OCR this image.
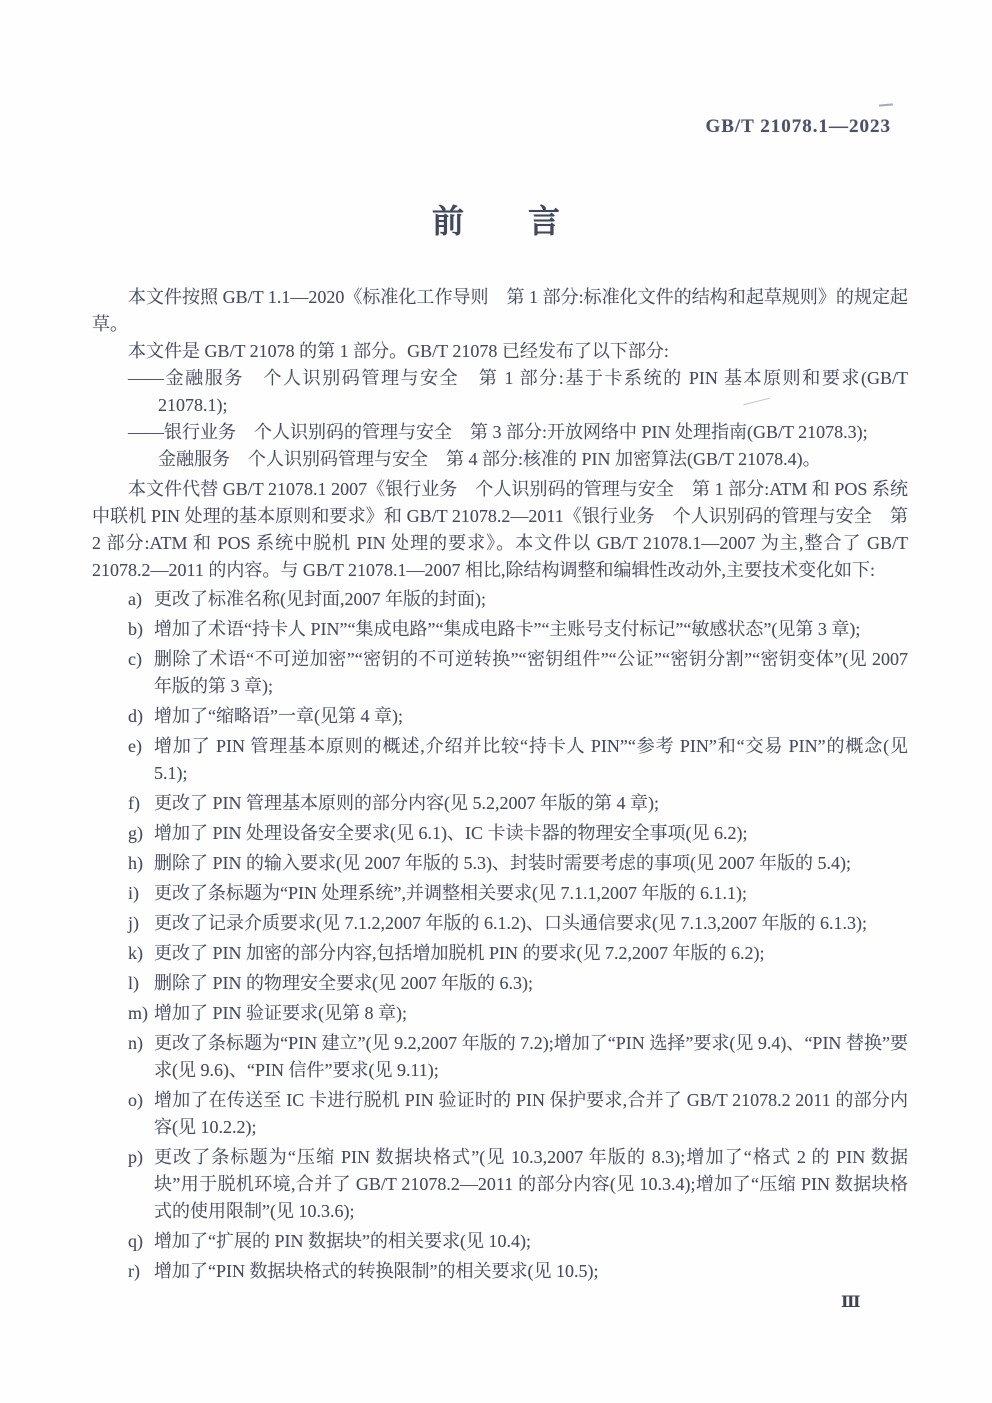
GB/T 21078.1—2023
前　　言

本文件按照 GB/T 1.1—2020《标准化工作导则　第 1 部分:标准化文件的结构和起草规则》的规定起草。

本文件是 GB/T 21078 的第 1 部分。GB/T 21078 已经发布了以下部分:

——金融服务　个人识别码管理与安全　第 1 部分:基于卡系统的 PIN 基本原则和要求(GB/T 21078.1);

——银行业务　个人识别码的管理与安全　第 3 部分:开放网络中 PIN 处理指南(GB/T 21078.3);

金融服务　个人识别码管理与安全　第 4 部分:核准的 PIN 加密算法(GB/T 21078.4)。

本文件代替 GB/T 21078.1 2007《银行业务　个人识别码的管理与安全　第 1 部分:ATM 和 POS 系统中联机 PIN 处理的基本原则和要求》和 GB/T 21078.2—2011《银行业务　个人识别码的管理与安全　第 2 部分:ATM 和 POS 系统中脱机 PIN 处理的要求》。本文件以 GB/T 21078.1—2007 为主,整合了 GB/T 21078.2—2011 的内容。与 GB/T 21078.1—2007 相比,除结构调整和编辑性改动外,主要技术变化如下:

a) 更改了标准名称(见封面,2007 年版的封面);
b) 增加了术语“持卡人 PIN”“集成电路”“集成电路卡”“主账号支付标记”“敏感状态”(见第 3 章);
c) 删除了术语“不可逆加密”“密钥的不可逆转换”“密钥组件”“公证”“密钥分割”“密钥变体”(见 2007 年版的第 3 章);
d) 增加了“缩略语”一章(见第 4 章);
e) 增加了 PIN 管理基本原则的概述,介绍并比较“持卡人 PIN”“参考 PIN”和“交易 PIN”的概念(见 5.1);
f) 更改了 PIN 管理基本原则的部分内容(见 5.2,2007 年版的第 4 章);
g) 增加了 PIN 处理设备安全要求(见 6.1)、IC 卡读卡器的物理安全事项(见 6.2);
h) 删除了 PIN 的输入要求(见 2007 年版的 5.3)、封装时需要考虑的事项(见 2007 年版的 5.4);
i) 更改了条标题为“PIN 处理系统”,并调整相关要求(见 7.1.1,2007 年版的 6.1.1);
j) 更改了记录介质要求(见 7.1.2,2007 年版的 6.1.2)、口头通信要求(见 7.1.3,2007 年版的 6.1.3);
k) 更改了 PIN 加密的部分内容,包括增加脱机 PIN 的要求(见 7.2,2007 年版的 6.2);
l) 删除了 PIN 的物理安全要求(见 2007 年版的 6.3);
m) 增加了 PIN 验证要求(见第 8 章);
n) 更改了条标题为“PIN 建立”(见 9.2,2007 年版的 7.2);增加了“PIN 选择”要求(见 9.4)、“PIN 替换”要求(见 9.6)、“PIN 信件”要求(见 9.11);
o) 增加了在传送至 IC 卡进行脱机 PIN 验证时的 PIN 保护要求,合并了 GB/T 21078.2 2011 的部分内容(见 10.2.2);
p) 更改了条标题为“压缩 PIN 数据块格式”(见 10.3,2007 年版的 8.3);增加了“格式 2 的 PIN 数据块”用于脱机环境,合并了 GB/T 21078.2—2011 的部分内容(见 10.3.4);增加了“压缩 PIN 数据块格式的使用限制”(见 10.3.6);
q) 增加了“扩展的 PIN 数据块”的相关要求(见 10.4);
r) 增加了“PIN 数据块格式的转换限制”的相关要求(见 10.5);
Ⅲ
